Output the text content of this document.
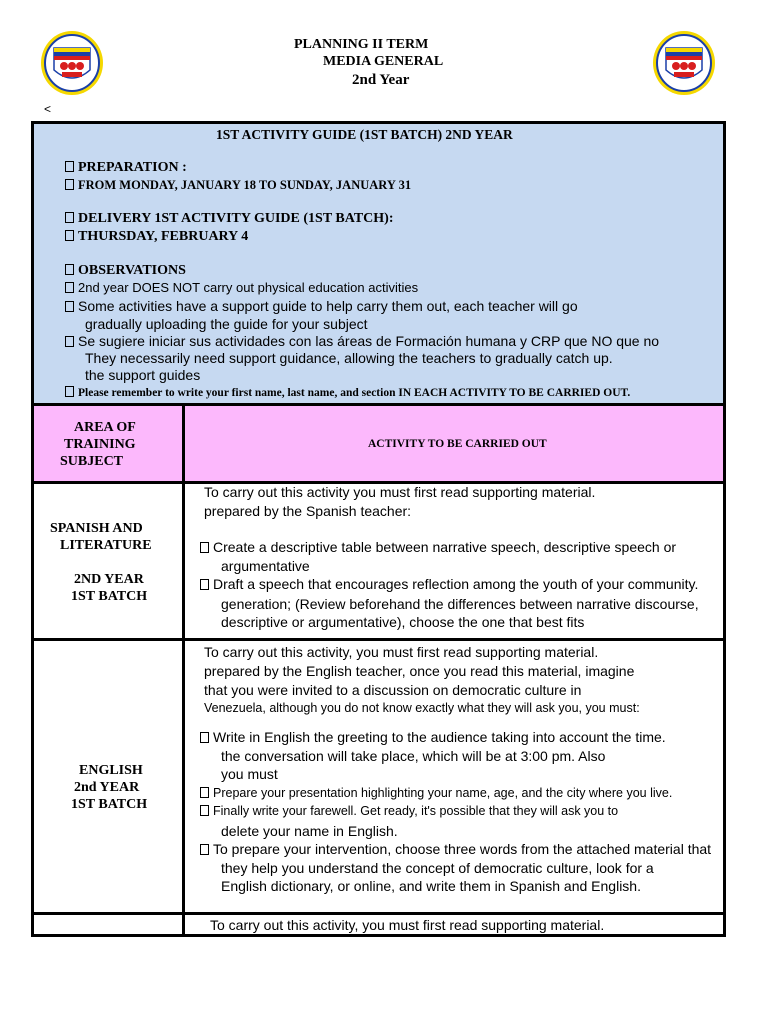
PLANNING II TERM
MEDIA GENERAL
2nd Year
<
1ST ACTIVITY GUIDE (1ST BATCH) 2ND YEAR
PREPARATION :
FROM MONDAY, JANUARY 18 TO SUNDAY, JANUARY 31
DELIVERY 1ST ACTIVITY GUIDE (1ST BATCH):
THURSDAY, FEBRUARY 4
OBSERVATIONS
2nd year DOES NOT carry out physical education activities
Some activities have a support guide to help carry them out, each teacher will go
gradually uploading the guide for your subject
Se sugiere iniciar sus actividades con las áreas de Formación humana y CRP que NO que no
They necessarily need support guidance, allowing the teachers to gradually catch up.
the support guides
Please remember to write your first name, last name, and section IN EACH ACTIVITY TO BE CARRIED OUT.
AREA OF
TRAINING
SUBJECT
ACTIVITY TO BE CARRIED OUT
SPANISH AND
LITERATURE
2ND YEAR
1ST BATCH
To carry out this activity you must first read supporting material.
prepared by the Spanish teacher:
Create a descriptive table between narrative speech, descriptive speech or
argumentative
Draft a speech that encourages reflection among the youth of your community.
generation; (Review beforehand the differences between narrative discourse,
descriptive or argumentative), choose the one that best fits
ENGLISH
2nd YEAR
1ST BATCH
To carry out this activity, you must first read supporting material.
prepared by the English teacher, once you read this material, imagine
that you were invited to a discussion on democratic culture in
Venezuela, although you do not know exactly what they will ask you, you must:
Write in English the greeting to the audience taking into account the time.
the conversation will take place, which will be at 3:00 pm. Also
you must
Prepare your presentation highlighting your name, age, and the city where you live.
Finally write your farewell. Get ready, it's possible that they will ask you to
delete your name in English.
To prepare your intervention, choose three words from the attached material that
they help you understand the concept of democratic culture, look for a
English dictionary, or online, and write them in Spanish and English.
To carry out this activity, you must first read supporting material.
